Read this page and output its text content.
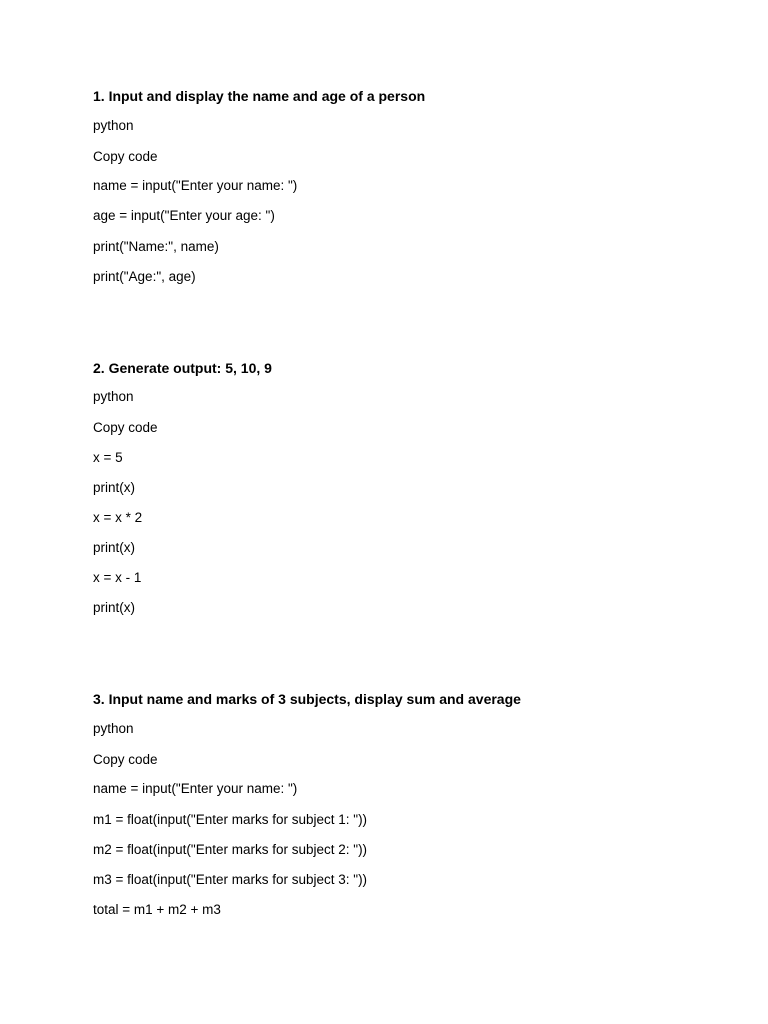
1. Input and display the name and age of a person
python
Copy code
name = input("Enter your name: ")
age = input("Enter your age: ")
print("Name:", name)
print("Age:", age)
2. Generate output: 5, 10, 9
python
Copy code
x = 5
print(x)
x = x * 2
print(x)
x = x - 1
print(x)
3. Input name and marks of 3 subjects, display sum and average
python
Copy code
name = input("Enter your name: ")
m1 = float(input("Enter marks for subject 1: "))
m2 = float(input("Enter marks for subject 2: "))
m3 = float(input("Enter marks for subject 3: "))
total = m1 + m2 + m3
